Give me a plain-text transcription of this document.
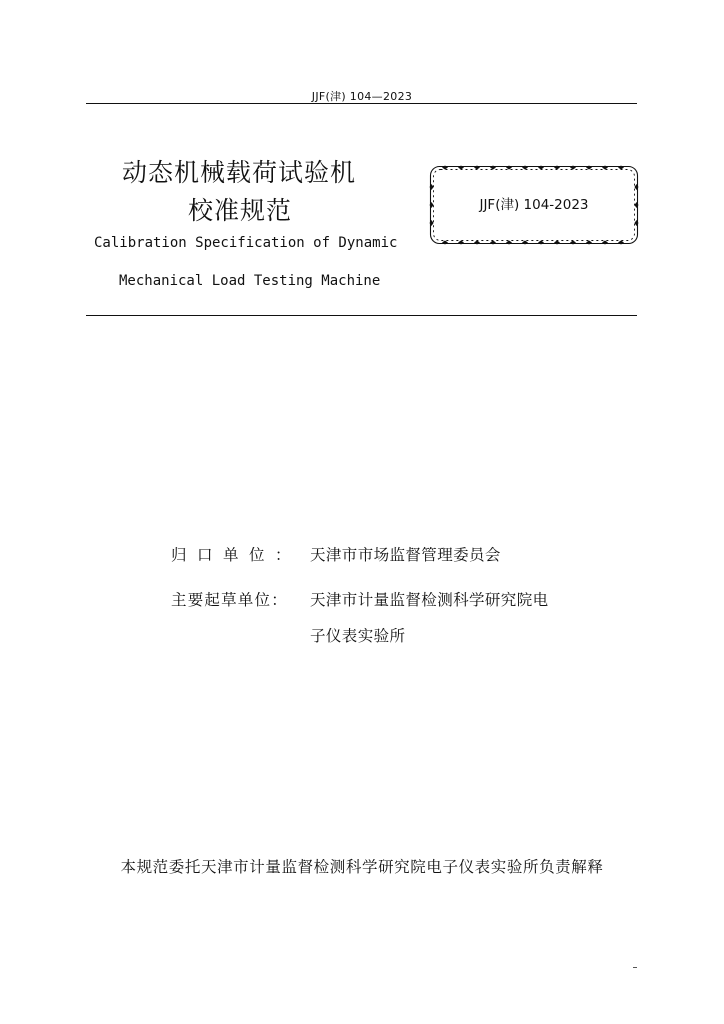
JJF(津) 104—2023
动态机械载荷试验机
校准规范
Calibration Specification of Dynamic
Mechanical Load Testing Machine
JJF(津) 104-2023
归口单位： 天津市市场监督管理委员会
主要起草单位： 天津市计量监督检测科学研究院电
子仪表实验所
本规范委托天津市计量监督检测科学研究院电子仪表实验所负责解释
